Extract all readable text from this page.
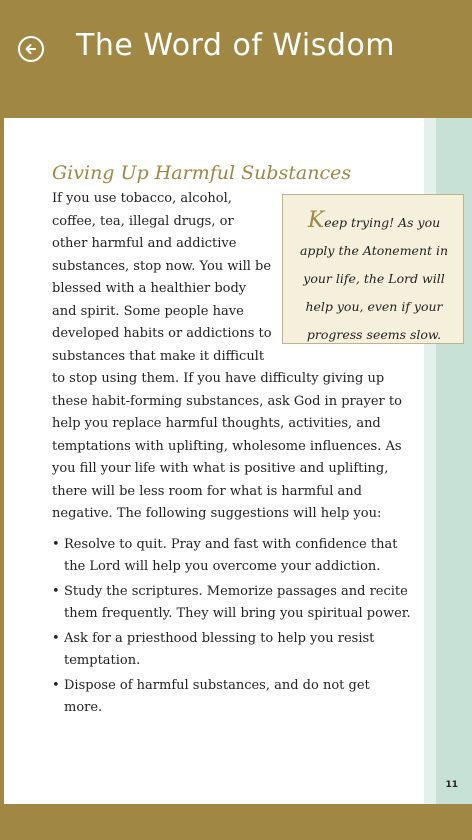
The Word of Wisdom
Giving Up Harmful Substances
Keep trying! As you apply the Atonement in your life, the Lord will help you, even if your progress seems slow.
If you use tobacco, alcohol, coffee, tea, illegal drugs, or other harmful and addictive substances, stop now. You will be blessed with a healthier body and spirit. Some people have developed habits or addictions to substances that make it difficult to stop using them. If you have difficulty giving up these habit-forming substances, ask God in prayer to help you replace harmful thoughts, activities, and temptations with uplifting, wholesome influences. As you fill your life with what is positive and uplifting, there will be less room for what is harmful and negative. The following suggestions will help you:
• Resolve to quit. Pray and fast with confidence that the Lord will help you overcome your addiction.
• Study the scriptures. Memorize passages and recite them frequently. They will bring you spiritual power.
• Ask for a priesthood blessing to help you resist temptation.
• Dispose of harmful substances, and do not get more.
11
